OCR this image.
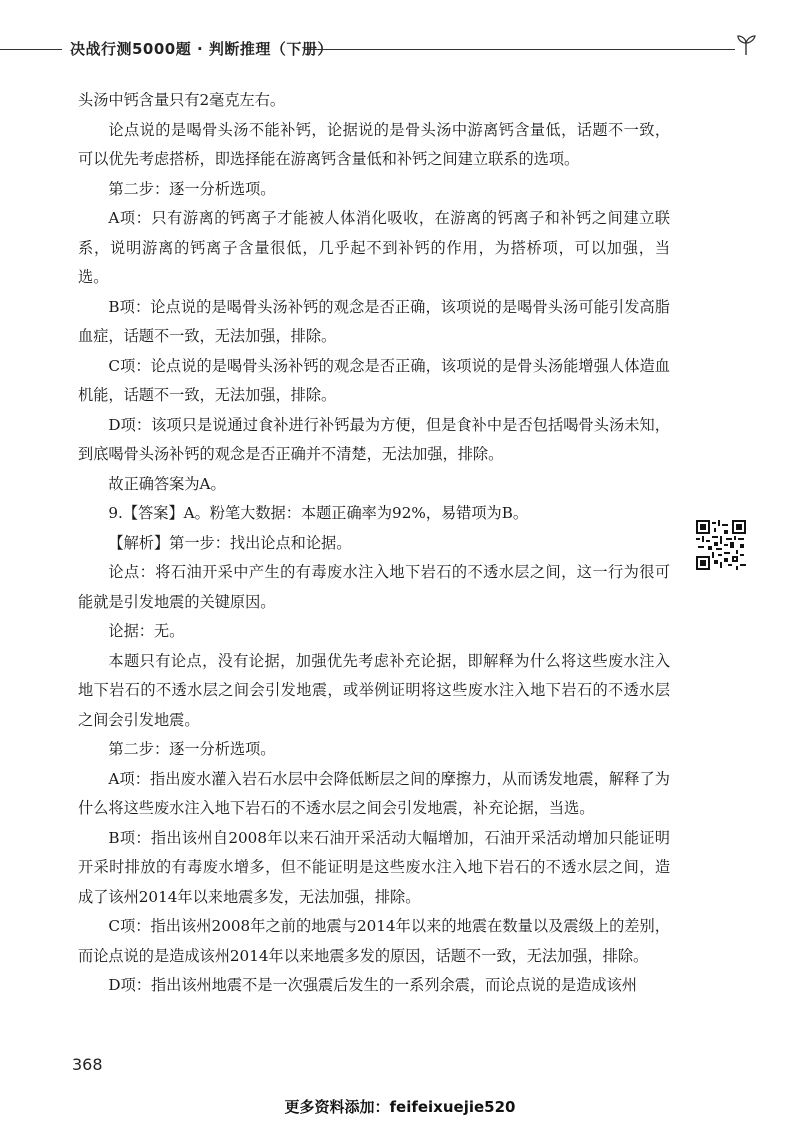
决战行测5000题 · 判断推理（下册）

头汤中钙含量只有2毫克左右。

论点说的是喝骨头汤不能补钙，论据说的是骨头汤中游离钙含量低，话题不一致，可以优先考虑搭桥，即选择能在游离钙含量低和补钙之间建立联系的选项。

第二步：逐一分析选项。

A项：只有游离的钙离子才能被人体消化吸收，在游离的钙离子和补钙之间建立联系，说明游离的钙离子含量很低，几乎起不到补钙的作用，为搭桥项，可以加强，当选。

B项：论点说的是喝骨头汤补钙的观念是否正确，该项说的是喝骨头汤可能引发高脂血症，话题不一致，无法加强，排除。

C项：论点说的是喝骨头汤补钙的观念是否正确，该项说的是骨头汤能增强人体造血机能，话题不一致，无法加强，排除。

D项：该项只是说通过食补进行补钙最为方便，但是食补中是否包括喝骨头汤未知，到底喝骨头汤补钙的观念是否正确并不清楚，无法加强，排除。

故正确答案为A。

9.【答案】A。粉笔大数据：本题正确率为92%，易错项为B。

【解析】第一步：找出论点和论据。

论点：将石油开采中产生的有毒废水注入地下岩石的不透水层之间，这一行为很可能就是引发地震的关键原因。

论据：无。

本题只有论点，没有论据，加强优先考虑补充论据，即解释为什么将这些废水注入地下岩石的不透水层之间会引发地震，或举例证明将这些废水注入地下岩石的不透水层之间会引发地震。

第二步：逐一分析选项。

A项：指出废水灌入岩石水层中会降低断层之间的摩擦力，从而诱发地震，解释了为什么将这些废水注入地下岩石的不透水层之间会引发地震，补充论据，当选。

B项：指出该州自2008年以来石油开采活动大幅增加，石油开采活动增加只能证明开采时排放的有毒废水增多，但不能证明是这些废水注入地下岩石的不透水层之间，造成了该州2014年以来地震多发，无法加强，排除。

C项：指出该州2008年之前的地震与2014年以来的地震在数量以及震级上的差别，而论点说的是造成该州2014年以来地震多发的原因，话题不一致，无法加强，排除。

D项：指出该州地震不是一次强震后发生的一系列余震，而论点说的是造成该州

368
更多资料添加：feifeixuejie520
